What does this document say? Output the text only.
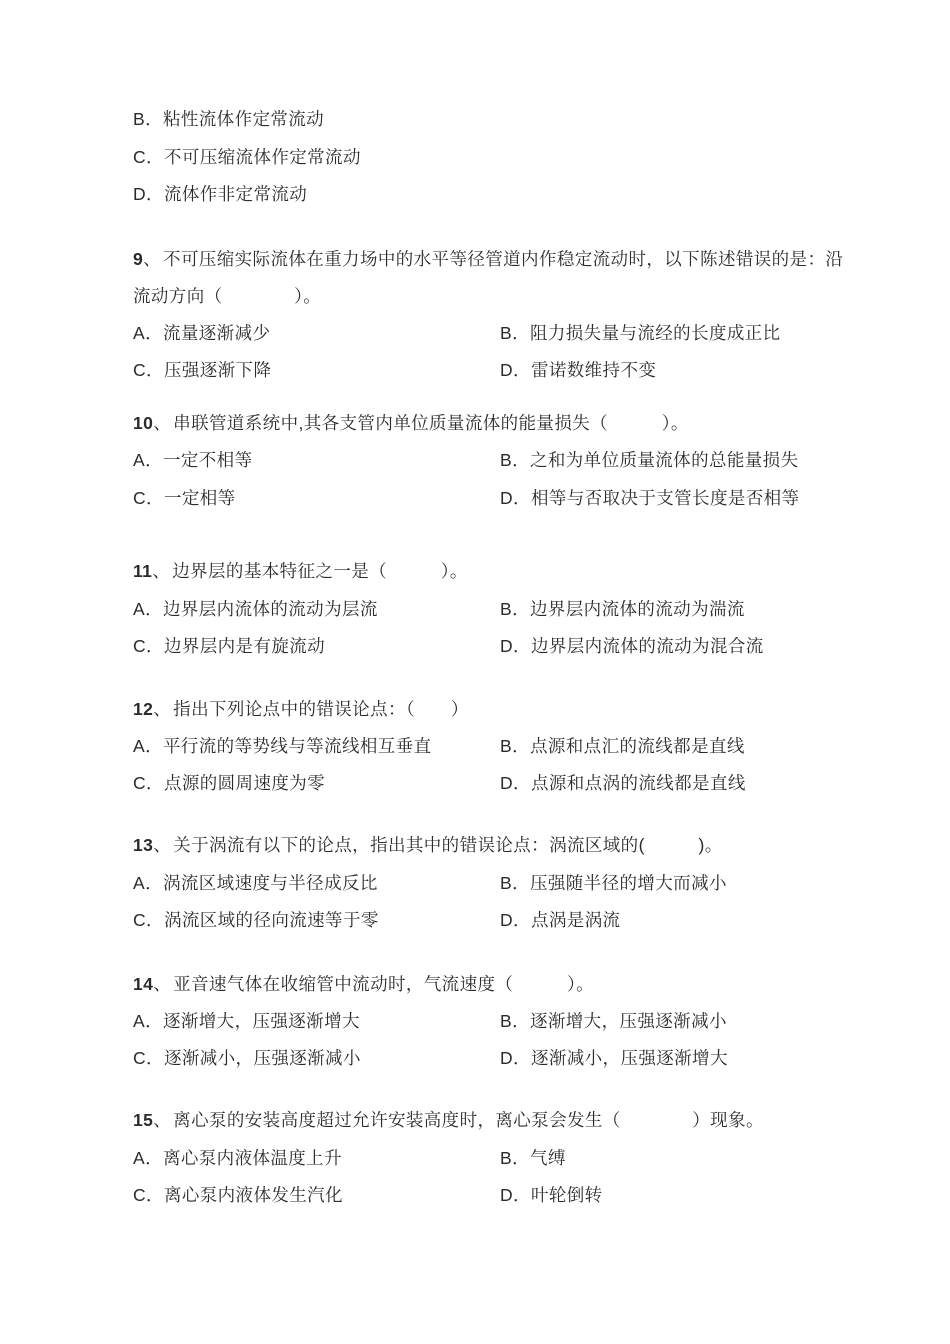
B．粘性流体作定常流动
C．不可压缩流体作定常流动
D．流体作非定常流动
9、 不可压缩实际流体在重力场中的水平等径管道内作稳定流动时，以下陈述错误的是：沿
流动方向（　　　　）。
A．流量逐渐减少	B．阻力损失量与流经的长度成正比
C．压强逐渐下降	D．雷诺数维持不变
10、 串联管道系统中,其各支管内单位质量流体的能量损失（　　　）。
A．一定不相等	B．之和为单位质量流体的总能量损失
C．一定相等	D．相等与否取决于支管长度是否相等
11、 边界层的基本特征之一是（　　　）。
A．边界层内流体的流动为层流	B．边界层内流体的流动为湍流
C．边界层内是有旋流动	D．边界层内流体的流动为混合流
12、 指出下列论点中的错误论点：（　　）
A．平行流的等势线与等流线相互垂直	B．点源和点汇的流线都是直线
C．点源的圆周速度为零	D．点源和点涡的流线都是直线
13、 关于涡流有以下的论点，指出其中的错误论点：涡流区域的(　　　)。
A．涡流区域速度与半径成反比	B．压强随半径的增大而减小
C．涡流区域的径向流速等于零	D．点涡是涡流
14、 亚音速气体在收缩管中流动时，气流速度（　　　）。
A．逐渐增大，压强逐渐增大	B．逐渐增大，压强逐渐减小
C．逐渐减小，压强逐渐减小	D．逐渐减小，压强逐渐增大
15、 离心泵的安装高度超过允许安装高度时，离心泵会发生（　　　　）现象。
A．离心泵内液体温度上升	B．气缚
C．离心泵内液体发生汽化	D．叶轮倒转
